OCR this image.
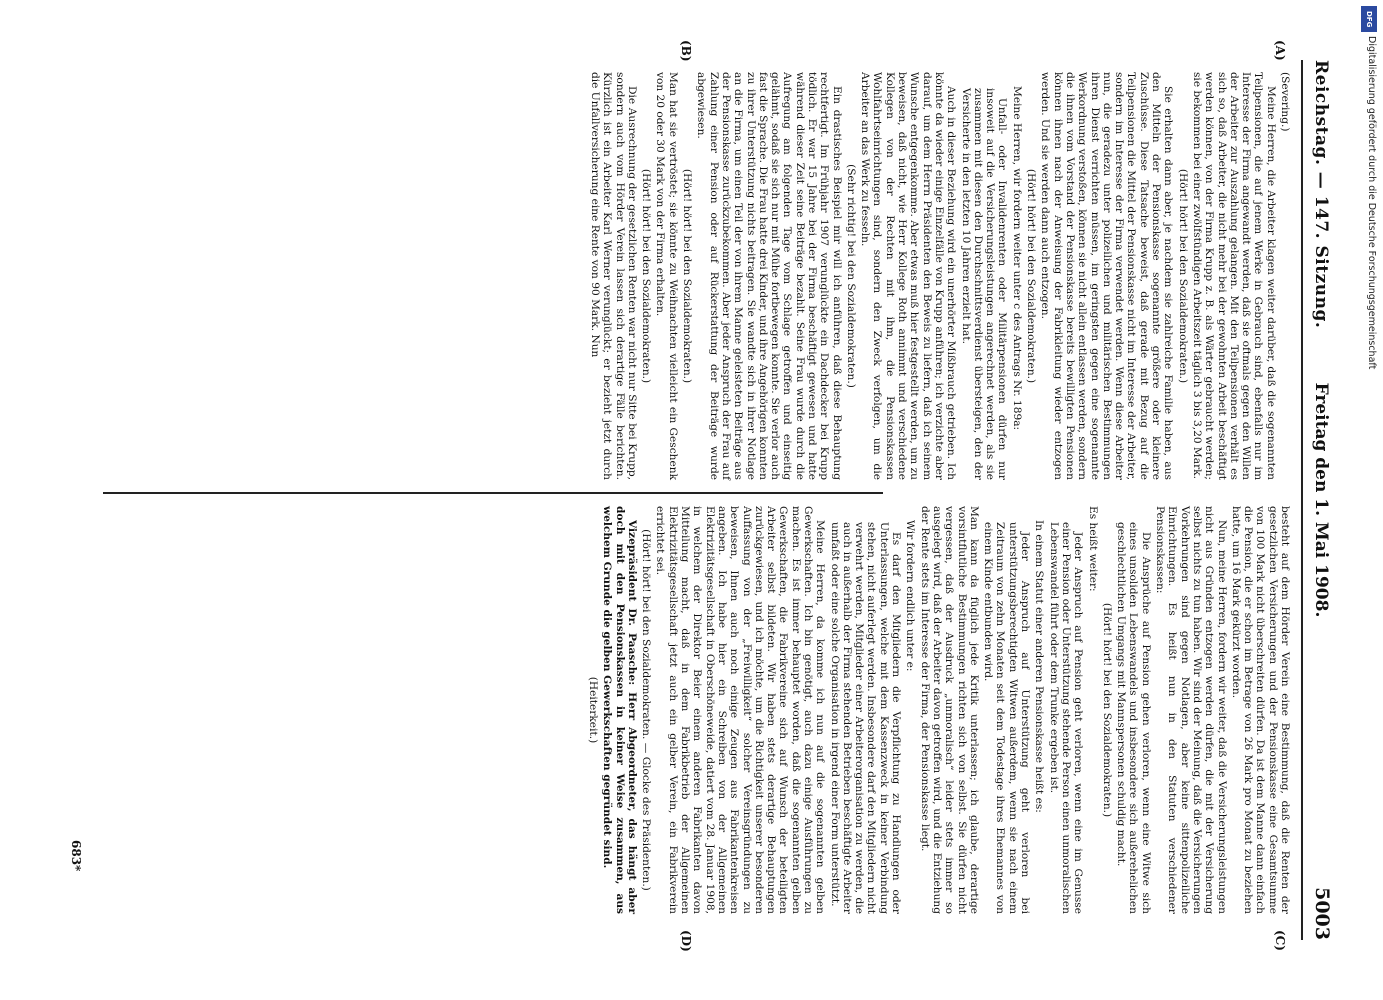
Reichstag. — 147. Sitzung.
Freitag den 1. Mai 1908.
5003
(A)
(B)
(C)
(D)

(Severing.)

Meine Herren, die Arbeiter klagen weiter darüber, daß die sogenannten Teilpensionen, die auf jenem Werke in Gebrauch sind, ebenfalls nur im Interesse der Firma angewandt werden, daß sie oftmals gegen den Willen der Arbeiter zur Auszahlung gelangen. Mit den Teilpensionen verhält es sich so, daß Arbeiter, die nicht mehr bei der gewohnten Arbeit beschäftigt werden können, von der Firma Krupp z. B. als Wärter gebraucht werden; sie bekommen bei einer zwölfstündigen Arbeitszeit täglich 3 bis 3,20 Mark.

(Hört! hört! bei den Sozialdemokraten.)

Sie erhalten dann aber, je nachdem sie zahlreiche Familie haben, aus den Mitteln der Pensionskasse sogenannte größere oder kleinere Zuschüsse. Diese Tatsache beweist, daß gerade mit Bezug auf die Teilpensionen die Mittel der Pensionskasse nicht im Interesse der Arbeiter, sondern im Interesse der Firma verwendet werden. Wenn diese Arbeiter nun, die geradezu unter polizeilichen und militärischen Bestimmungen ihren Dienst verrichten müssen, im geringsten gegen eine sogenannte Werkordnung verstoßen, können sie nicht allein entlassen werden, sondern die ihnen vom Vorstand der Pensionskasse bereits bewilligten Pensionen können ihnen nach der Anweisung der Fabrikleitung wieder entzogen werden. Und sie werden dann auch entzogen.

(Hört! hört! bei den Sozialdemokraten.)

Meine Herren, wir fordern weiter unter c des Antrags Nr. 189a:

Unfall- oder Invalidenrenten oder Militärpensionen dürfen nur insoweit auf die Versicherungsleistungen angerechnet werden, als sie zusammen mit diesen den Durchschnittsverdienst übersteigen, den der Versicherte in den letzten 10 Jahren erzielt hat.

Auch in dieser Beziehung wird ein unerhörter Mißbrauch getrieben. Ich könnte da wieder einige Einzelfälle von Krupp anführen; ich verzichte aber darauf, um dem Herrn Präsidenten den Beweis zu liefern, daß ich seinem Wunsche entgegenkomme. Aber etwas muß hier festgestellt werden, um zu beweisen, daß nicht, wie Herr Kollege Roth annimmt und verschiedene Kollegen von der Rechten mit ihm, die Pensionskassen Wohlfahrtseinrichtungen sind, sondern den Zweck verfolgen, um die Arbeiter an das Werk zu fesseln.

(Sehr richtig! bei den Sozialdemokraten.)

Ein drastisches Beispiel mir will ich anführen, daß diese Behauptung rechtfertigt. Im Frühjahr 1907 verunglückte ein Dachdecker bei Krupp tödlich. Er war 15 Jahre bei der Firma beschäftigt gewesen und hatte während dieser Zeit seine Beiträge bezahlt. Seine Frau wurde durch die Aufregung am folgenden Tage vom Schlage getroffen und einseitig gelähmt, sodaß sie sich nur mit Mühe fortbewegen konnte. Sie verlor auch fast die Sprache. Die Frau hatte drei Kinder, und ihre Angehörigen konnten zu ihrer Unterstützung nichts beitragen. Sie wandte sich in ihrer Notlage an die Firma, um einen Teil der von ihrem Manne geleisteten Beiträge aus der Pensionskasse zurückzubekommen. Aber jeder Anspruch der Frau auf Zahlung einer Pension oder auf Rückerstattung der Beiträge wurde abgewiesen.

(Hört! hört! bei den Sozialdemokraten.)

Man hat sie vertröstet; sie könnte zu Weihnachten vielleicht ein Geschenk von 20 oder 30 Mark von der Firma erhalten.

(Hört! hört! bei den Sozialdemokraten.)

Die Ausrechnung der gesetzlichen Renten war nicht nur Sitte bei Krupp, sondern auch vom Hörder Verein lassen sich derartige Fälle berichten. Kürzlich ist ein Arbeiter Karl Werner verunglückt; er bezieht jetzt durch die Unfallversicherung eine Rente von 90 Mark. Nun

besteht auf dem Hörder Verein eine Bestimmung, daß die Renten der gesetzlichen Versicherungen und der Pensionskasse eine Gesamtsumme von 100 Mark nicht überschreiten dürfen. Da ist dem Manne dann einfach die Pension, die er schon im Betrage von 26 Mark pro Monat zu beziehen hatte, um 16 Mark gekürzt worden.

Nun, meine Herren, fordern wir weiter, daß die Versicherungsleistungen nicht aus Gründen entzogen werden dürfen, die mit der Versicherung selbst nichts zu tun haben. Wir sind der Meinung, daß die Versicherungen Vorkehrungen sind gegen Notlagen, aber keine sittenpolizeiliche Einrichtungen. Es heißt nun in den Statuten verschiedener Pensionskassen:

Die Ansprüche auf Pension gehen verloren, wenn eine Witwe sich eines unsoliden Lebenswandels und insbesondere sich außerehelichen geschlechtlichen Umgangs mit Mannspersonen schuldig macht.

(Hört! hört! bei den Sozialdemokraten.)

Es heißt weiter:

Jeder Anspruch auf Pension geht verloren, wenn eine im Genusse einer Pension oder Unterstützung stehende Person einen unmoralischen Lebenswandel führt oder dem Trunke ergeben ist.

In einem Statut einer anderen Pensionskasse heißt es:

Jeder Anspruch auf Unterstützung geht verloren bei unterstützungsberechtigten Witwen außerdem, wenn sie nach einem Zeitraum von zehn Monaten seit dem Todestage ihres Ehemannes von einem Kinde entbunden wird.

Man kann da füglich jede Kritik unterlassen; ich glaube, derartige vorsintflutliche Bestimmungen richten sich von selbst. Sie dürfen nicht vergessen, daß der Ausdruck „unmoralisch“ leider stets immer so ausgelegt wird, daß der Arbeiter davon getroffen wird, und die Entziehung der Rente stets im Interesse der Firma, der Pensionskasse liegt.

Wir fordern endlich unter e:

Es darf den Mitgliedern die Verpflichtung zu Handlungen oder Unterlassungen, welche mit dem Kassenzweck in keiner Verbindung stehen, nicht auferlegt werden. Insbesondere darf den Mitgliedern nicht verwehrt werden, Mitglieder einer Arbeiterorganisation zu werden, die auch in außerhalb der Firma stehenden Betrieben beschäftigte Arbeiter umfaßt oder eine solche Organisation in irgend einer Form unterstützt.

Meine Herren, da komme ich nun auf die sogenannten gelben Gewerkschaften. Ich bin genötigt, auch dazu einige Ausführungen zu machen. Es ist immer behauptet worden, daß die sogenannten gelben Gewerkschaften, die Fabrikvereine sich auf Wunsch der beteiligten Arbeiter selbst bildeten. Wir haben stets derartige Behauptungen zurückgewiesen, und ich möchte, um die Richtigkeit unserer besonderen Auffassung von der „Freiwilligkeit“ solcher Vereinsgründungen zu beweisen, Ihnen auch noch einige Zeugen aus Fabrikantenkreisen angeben. Ich habe hier ein Schreiben von der Allgemeinen Elektrizitätsgesellschaft in Oberschöneweide, datiert vom 28. Januar 1908, in welchem der Direktor Beier einem anderen Fabrikanten davon Mitteilung macht, daß in dem Fabrikbetrieb der Allgemeinen Elektrizitätsgesellschaft jetzt auch ein gelber Verein, ein Fabrikverein errichtet sei.

(Hört! hört! bei den Sozialdemokraten. — Glocke des Präsidenten.)

Vizepräsident Dr. Paasche: Herr Abgeordneter, das hängt aber doch mit den Pensionskassen in keiner Weise zusammen, aus welchem Grunde die gelben Gewerkschaften gegründet sind.

(Heiterkeit.)

683*
DFG
Digitalisierung gefördert durch die Deutsche Forschungsgemeinschaft
